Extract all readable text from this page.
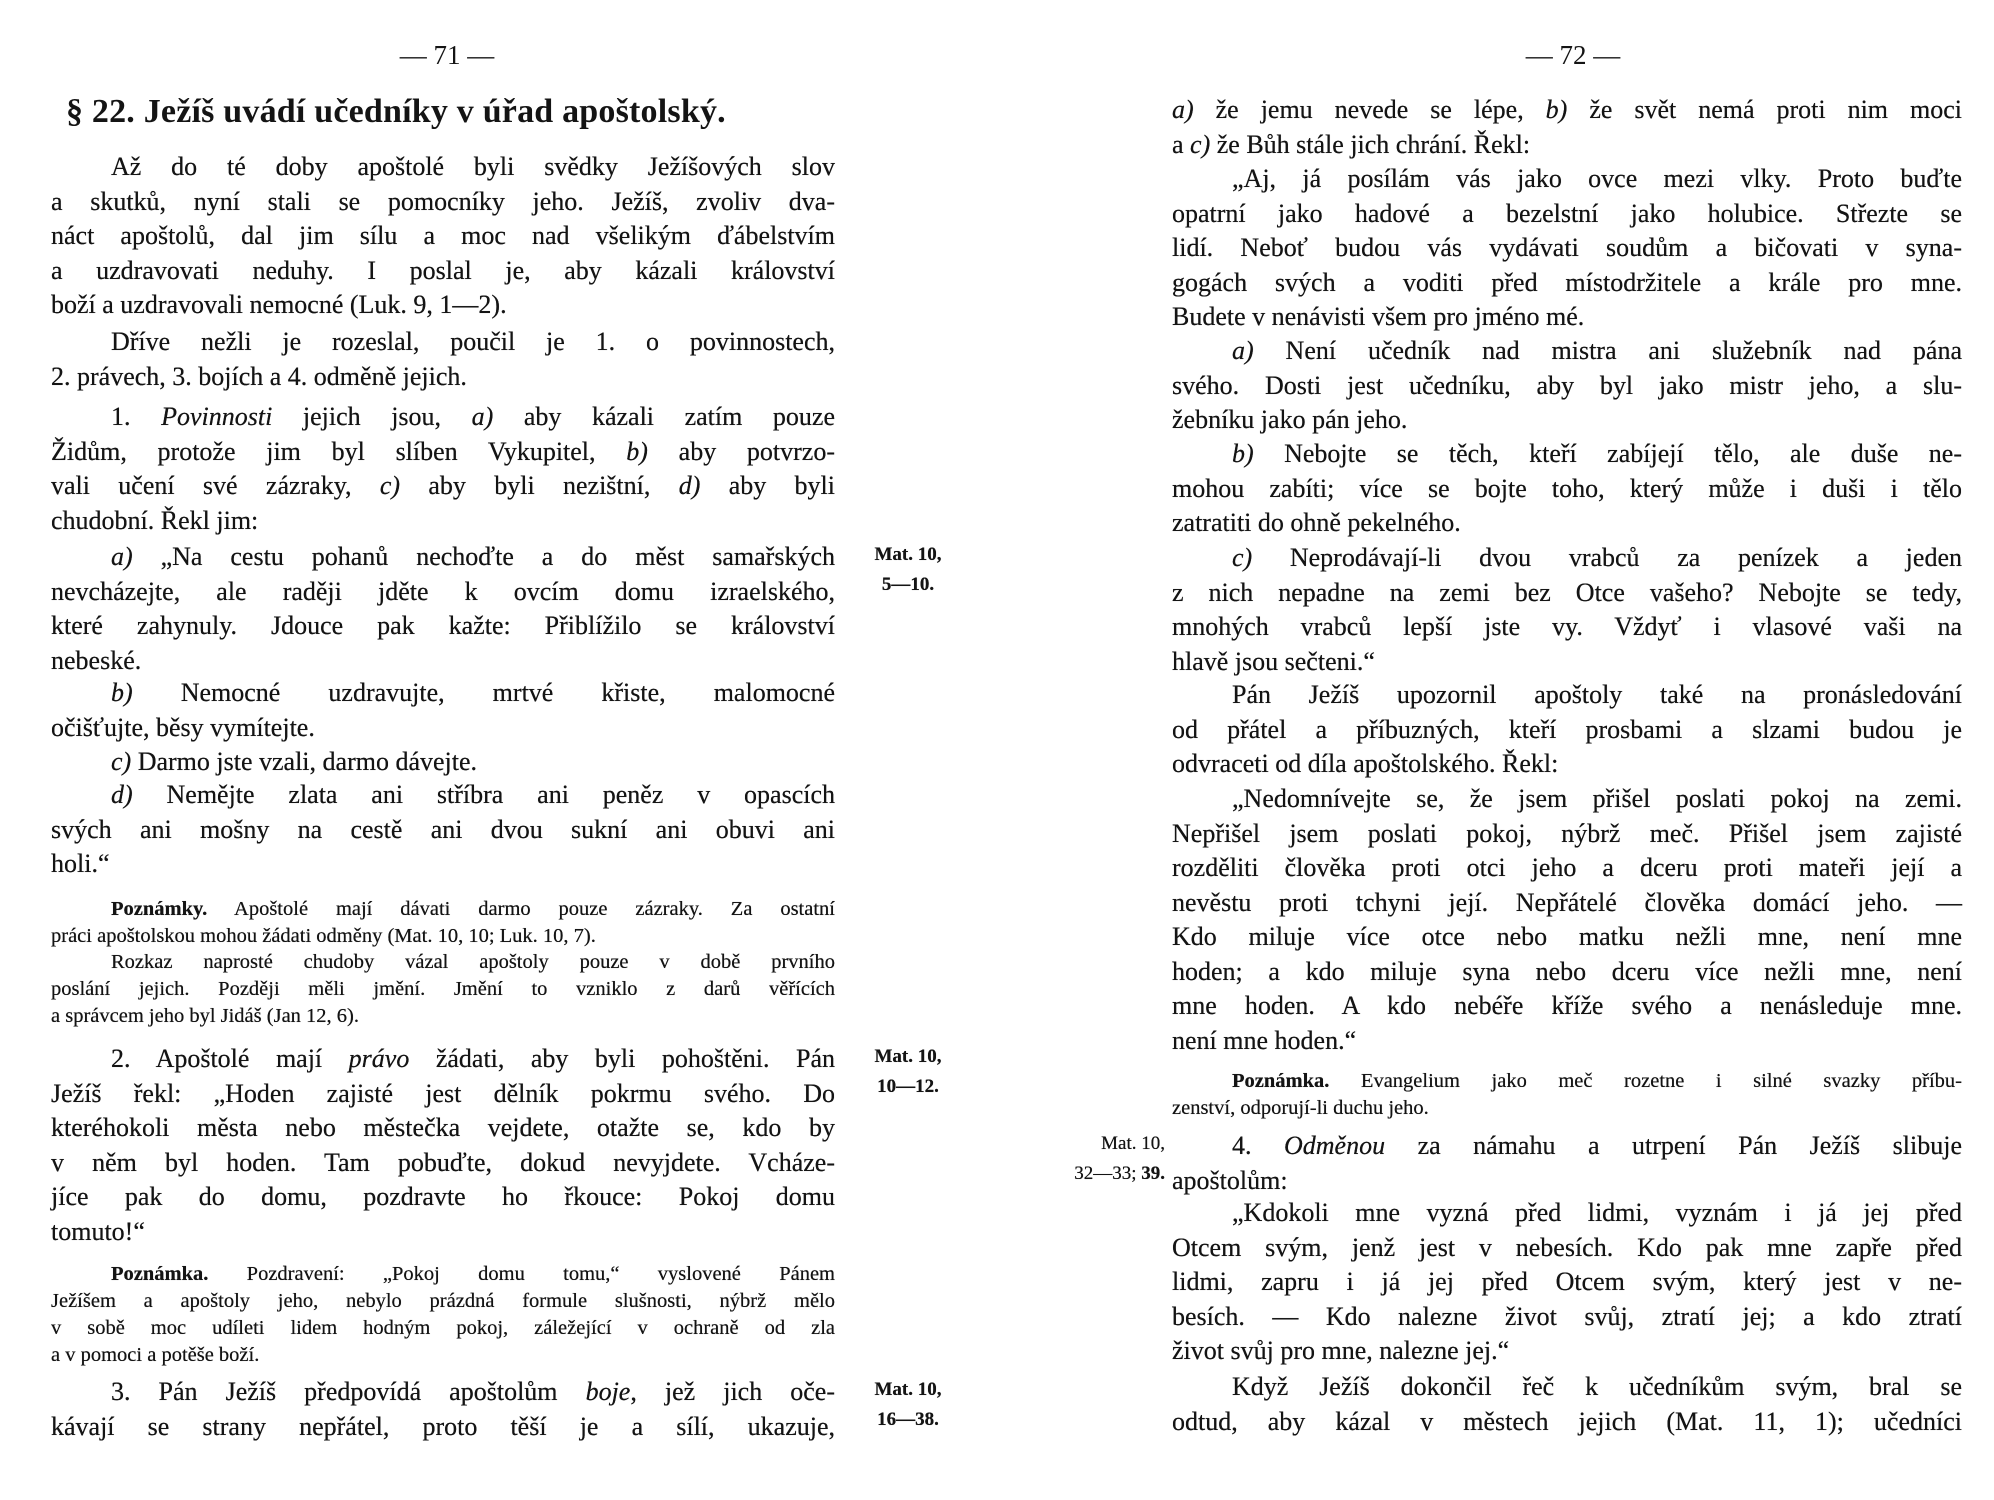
— 71 —
§ 22. Ježíš uvádí učedníky v úřad apoštolský.
Až do té doby apoštolé byli svědky Ježíšových slov
a skutků, nyní stali se pomocníky jeho. Ježíš, zvoliv dva-
náct apoštolů, dal jim sílu a moc nad všelikým ďábelstvím
a uzdravovati neduhy. I poslal je, aby kázali království
boží a uzdravovali nemocné (Luk. 9, 1—2).
Dříve nežli je rozeslal, poučil je 1. o povinnostech,
2. právech, 3. bojích a 4. odměně jejich.
1. Povinnosti jejich jsou, a) aby kázali zatím pouze
Židům, protože jim byl slíben Vykupitel, b) aby potvrzo-
vali učení své zázraky, c) aby byli nezištní, d) aby byli
chudobní. Řekl jim:
a) „Na cestu pohanů nechoďte a do měst samařských
nevcházejte, ale raději jděte k ovcím domu izraelského,
které zahynuly. Jdouce pak kažte: Přiblížilo se království
nebeské.
b) Nemocné uzdravujte, mrtvé křiste, malomocné
očišťujte, běsy vymítejte.
c) Darmo jste vzali, darmo dávejte.
d) Nemějte zlata ani stříbra ani peněz v opascích
svých ani mošny na cestě ani dvou sukní ani obuvi ani
holi.“
Poznámky. Apoštolé mají dávati darmo pouze zázraky. Za ostatní
práci apoštolskou mohou žádati odměny (Mat. 10, 10; Luk. 10, 7).
Rozkaz naprosté chudoby vázal apoštoly pouze v době prvního
poslání jejich. Později měli jmění. Jmění to vzniklo z darů věřících
a správcem jeho byl Jidáš (Jan 12, 6).
2. Apoštolé mají právo žádati, aby byli pohoštěni. Pán
Ježíš řekl: „Hoden zajisté jest dělník pokrmu svého. Do
kteréhokoli města nebo městečka vejdete, otažte se, kdo by
v něm byl hoden. Tam pobuďte, dokud nevyjdete. Vcháze-
jíce pak do domu, pozdravte ho řkouce: Pokoj domu
tomuto!“
Poznámka. Pozdravení: „Pokoj domu tomu,“ vyslovené Pánem
Ježíšem a apoštoly jeho, nebylo prázdná formule slušnosti, nýbrž mělo
v sobě moc udíleti lidem hodným pokoj, záležející v ochraně od zla
a v pomoci a potěše boží.
3. Pán Ježíš předpovídá apoštolům boje, jež jich oče-
kávají se strany nepřátel, proto těší je a sílí, ukazuje,
Mat. 10,
5—10.
Mat. 10,
10—12.
Mat. 10,
16—38.
— 72 —
a) že jemu nevede se lépe, b) že svět nemá proti nim moci
a c) že Bůh stále jich chrání. Řekl:
„Aj, já posílám vás jako ovce mezi vlky. Proto buďte
opatrní jako hadové a bezelstní jako holubice. Střezte se
lidí. Neboť budou vás vydávati soudům a bičovati v syna-
gogách svých a voditi před místodržitele a krále pro mne.
Budete v nenávisti všem pro jméno mé.
a) Není učedník nad mistra ani služebník nad pána
svého. Dosti jest učedníku, aby byl jako mistr jeho, a slu-
žebníku jako pán jeho.
b) Nebojte se těch, kteří zabíjejí tělo, ale duše ne-
mohou zabíti; více se bojte toho, který může i duši i tělo
zatratiti do ohně pekelného.
c) Neprodávají-li dvou vrabců za penízek a jeden
z nich nepadne na zemi bez Otce vašeho? Nebojte se tedy,
mnohých vrabců lepší jste vy. Vždyť i vlasové vaši na
hlavě jsou sečteni.“
Pán Ježíš upozornil apoštoly také na pronásledování
od přátel a příbuzných, kteří prosbami a slzami budou je
odvraceti od díla apoštolského. Řekl:
„Nedomnívejte se, že jsem přišel poslati pokoj na zemi.
Nepřišel jsem poslati pokoj, nýbrž meč. Přišel jsem zajisté
rozděliti člověka proti otci jeho a dceru proti mateři její a
nevěstu proti tchyni její. Nepřátelé člověka domácí jeho. —
Kdo miluje více otce nebo matku nežli mne, není mne
hoden; a kdo miluje syna nebo dceru více nežli mne, není
mne hoden. A kdo nebéře kříže svého a nenásleduje mne.
není mne hoden.“
Poznámka. Evangelium jako meč rozetne i silné svazky příbu-
zenství, odporují-li duchu jeho.
4. Odměnou za námahu a utrpení Pán Ježíš slibuje
apoštolům:
„Kdokoli mne vyzná před lidmi, vyznám i já jej před
Otcem svým, jenž jest v nebesích. Kdo pak mne zapře před
lidmi, zapru i já jej před Otcem svým, který jest v ne-
besích. — Kdo nalezne život svůj, ztratí jej; a kdo ztratí
život svůj pro mne, nalezne jej.“
Když Ježíš dokončil řeč k učedníkům svým, bral se
odtud, aby kázal v městech jejich (Mat. 11, 1); učedníci
Mat. 10,
32—33; 39.
